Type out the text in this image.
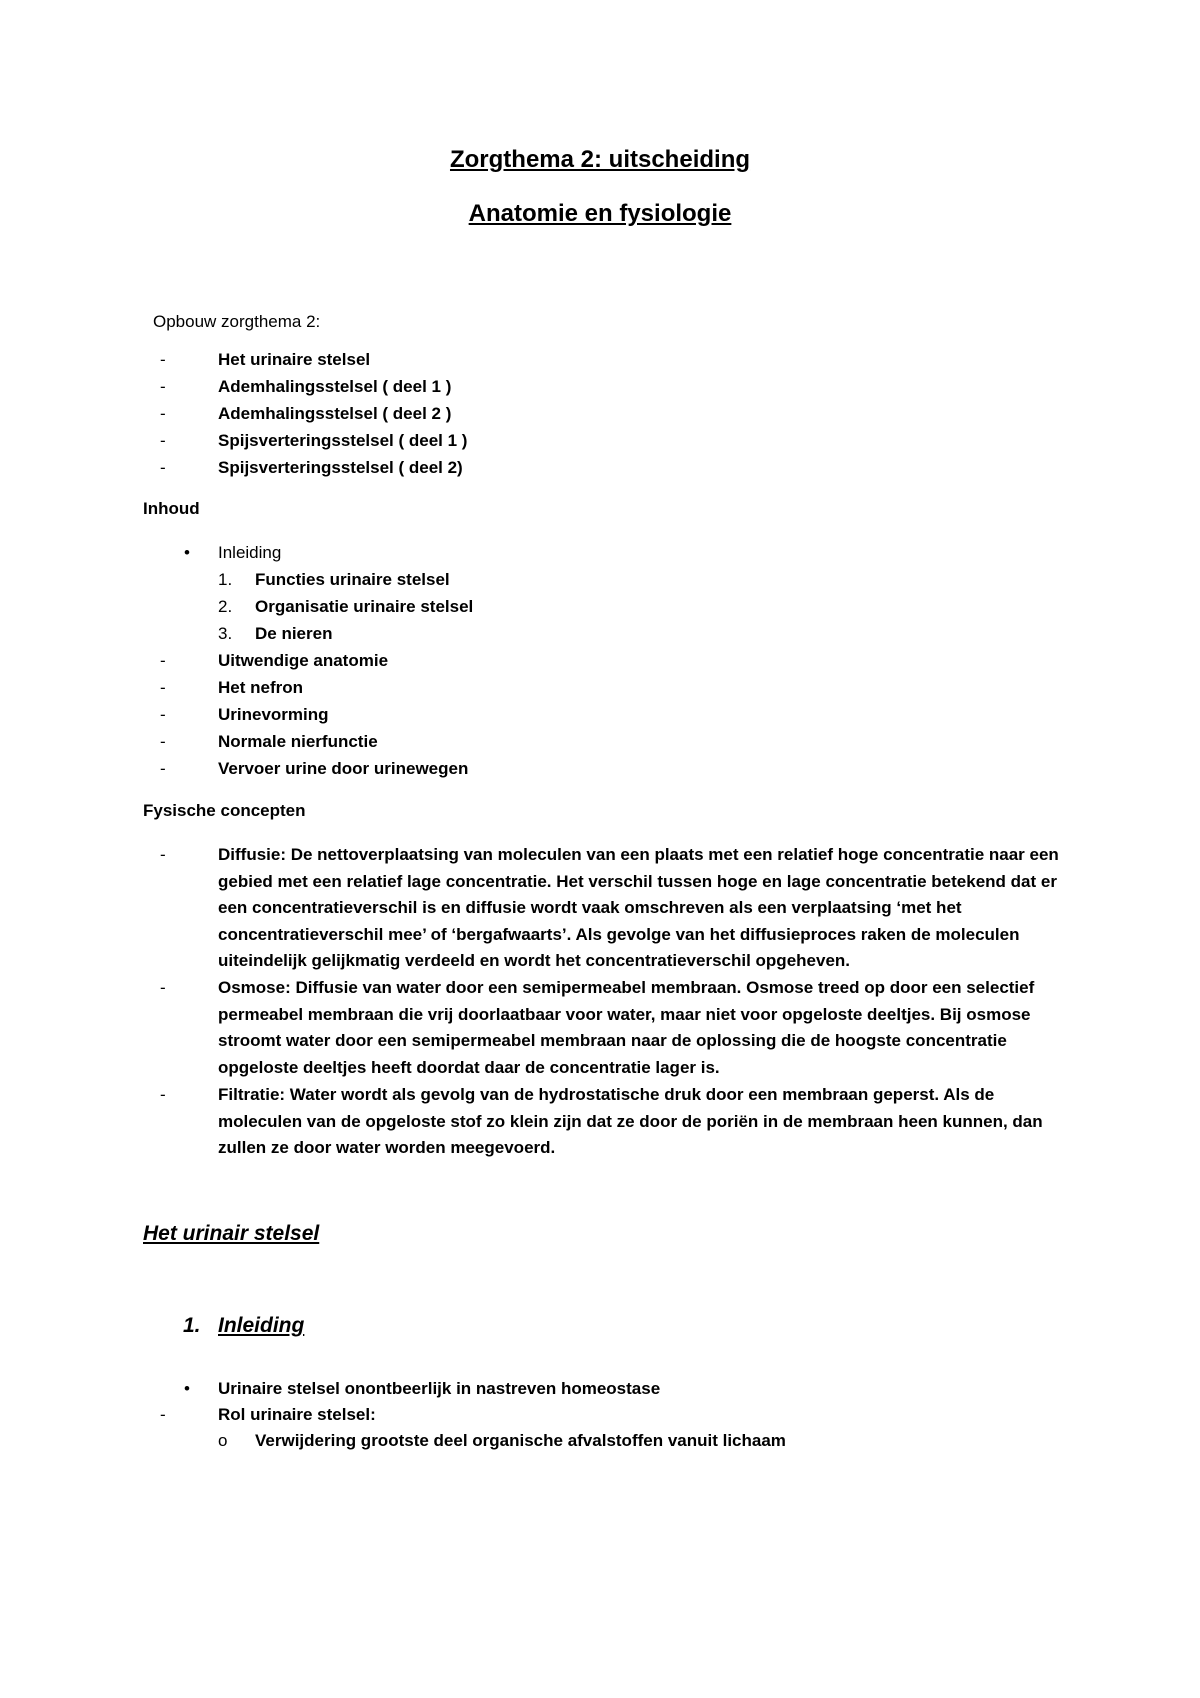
Zorgthema 2: uitscheiding
Anatomie en fysiologie
Opbouw zorgthema 2:
-	Het urinaire stelsel
-	Ademhalingsstelsel ( deel 1 )
-	Ademhalingsstelsel ( deel 2 )
-	Spijsverteringsstelsel ( deel 1 )
-	Spijsverteringsstelsel ( deel 2)
Inhoud
• Inleiding
1. Functies urinaire stelsel
2. Organisatie urinaire stelsel
3. De nieren
-	Uitwendige anatomie
-	Het nefron
-	Urinevorming
-	Normale nierfunctie
-	Vervoer urine door urinewegen
Fysische concepten
-	Diffusie: De nettoverplaatsing van moleculen van een plaats met een relatief hoge concentratie naar een gebied met een relatief lage concentratie. Het verschil tussen hoge en lage concentratie betekend dat er een concentratieverschil is en diffusie wordt vaak omschreven als een verplaatsing ‘met het concentratieverschil mee’ of ‘bergafwaarts’. Als gevolge van het diffusieproces raken de moleculen uiteindelijk gelijkmatig verdeeld en wordt het concentratieverschil opgeheven.
-	Osmose: Diffusie van water door een semipermeabel membraan. Osmose treed op door een selectief permeabel membraan die vrij doorlaatbaar voor water, maar niet voor opgeloste deeltjes. Bij osmose stroomt water door een semipermeabel membraan naar de oplossing die de hoogste concentratie opgeloste deeltjes heeft doordat daar de concentratie lager is.
-	Filtratie: Water wordt als gevolg van de hydrostatische druk door een membraan geperst. Als de moleculen van de opgeloste stof zo klein zijn dat ze door de poriën in de membraan heen kunnen, dan zullen ze door water worden meegevoerd.
Het urinair stelsel
1. Inleiding
• Urinaire stelsel onontbeerlijk in nastreven homeostase
-	Rol urinaire stelsel:
o Verwijdering grootste deel organische afvalstoffen vanuit lichaam
